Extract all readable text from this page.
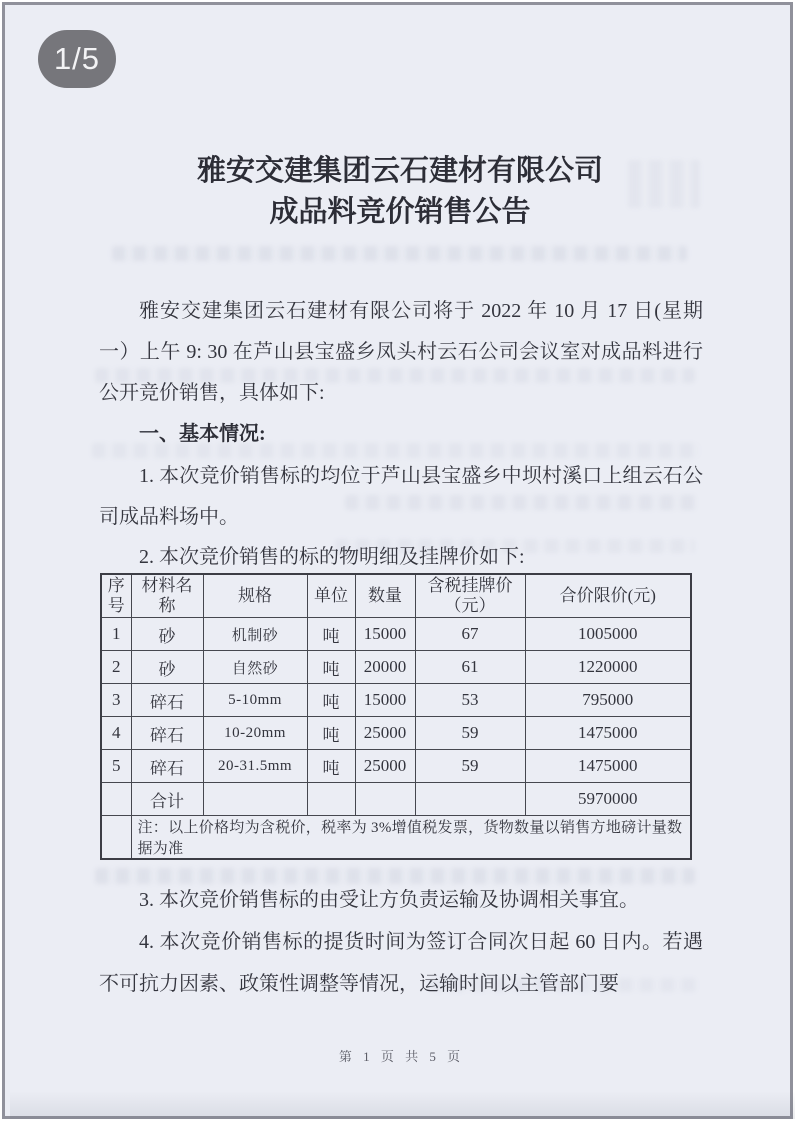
1/5
雅安交建集团云石建材有限公司
成品料竞价销售公告

雅安交建集团云石建材有限公司将于 2022 年 10 月 17 日(星期一）上午 9: 30 在芦山县宝盛乡凤头村云石公司会议室对成品料进行公开竞价销售，具体如下:

一、基本情况:

1. 本次竞价销售标的均位于芦山县宝盛乡中坝村溪口上组云石公司成品料场中。

2. 本次竞价销售的标的物明细及挂牌价如下:

序号	材料名称	规格	单位	数量	含税挂牌价（元）	合价限价(元)
1	砂	机制砂	吨	15000	67	1005000
2	砂	自然砂	吨	20000	61	1220000
3	碎石	5-10mm	吨	15000	53	795000
4	碎石	10-20mm	吨	25000	59	1475000
5	碎石	20-31.5mm	吨	25000	59	1475000
	合计					5970000
	注：以上价格均为含税价，税率为 3%增值税发票，货物数量以销售方地磅计量数据为准					

3. 本次竞价销售标的由受让方负责运输及协调相关事宜。

4. 本次竞价销售标的提货时间为签订合同次日起 60 日内。若遇不可抗力因素、政策性调整等情况，运输时间以主管部门要

第 1 页 共 5 页
